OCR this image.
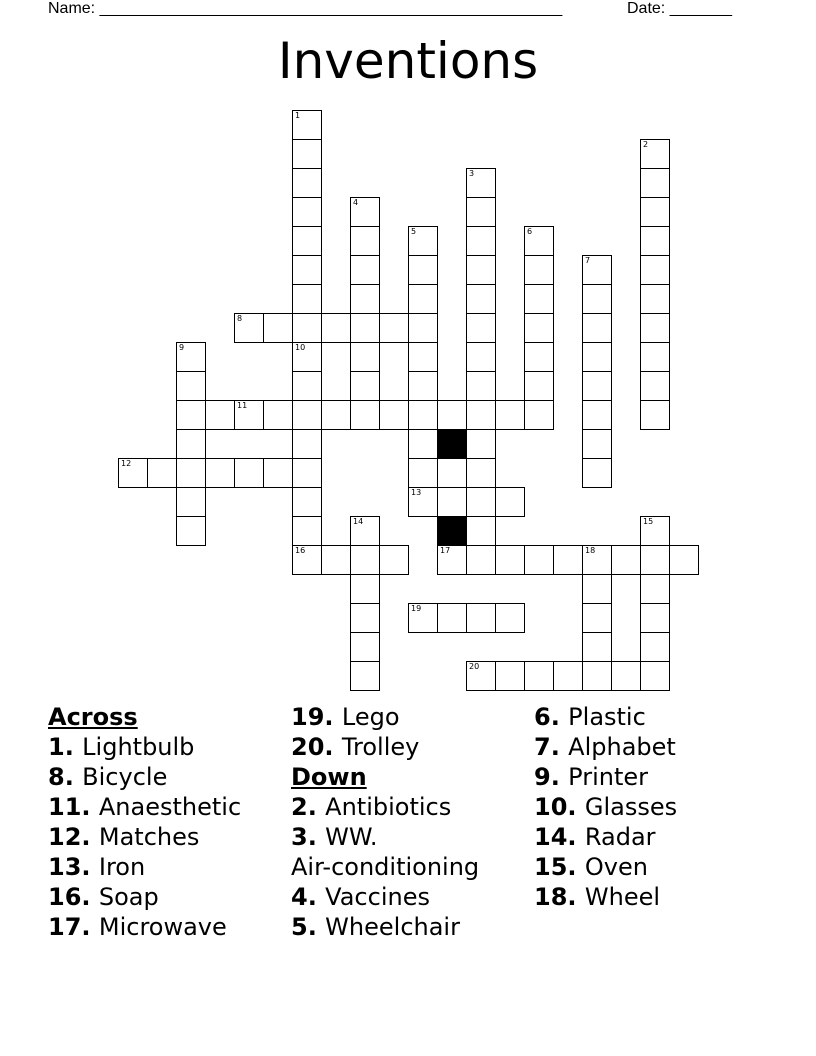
Name: ____________________________________________________	Date: _______
Inventions
1
2
3
4
5	6
7
8
9	10
11
12
13
14	15
16	17	18
19
20
Across
1. Lightbulb
8. Bicycle
11. Anaesthetic
12. Matches
13. Iron
16. Soap
17. Microwave
19. Lego
20. Trolley
Down
2. Antibiotics
3. WW.
Air-conditioning
4. Vaccines
5. Wheelchair
6. Plastic
7. Alphabet
9. Printer
10. Glasses
14. Radar
15. Oven
18. Wheel
